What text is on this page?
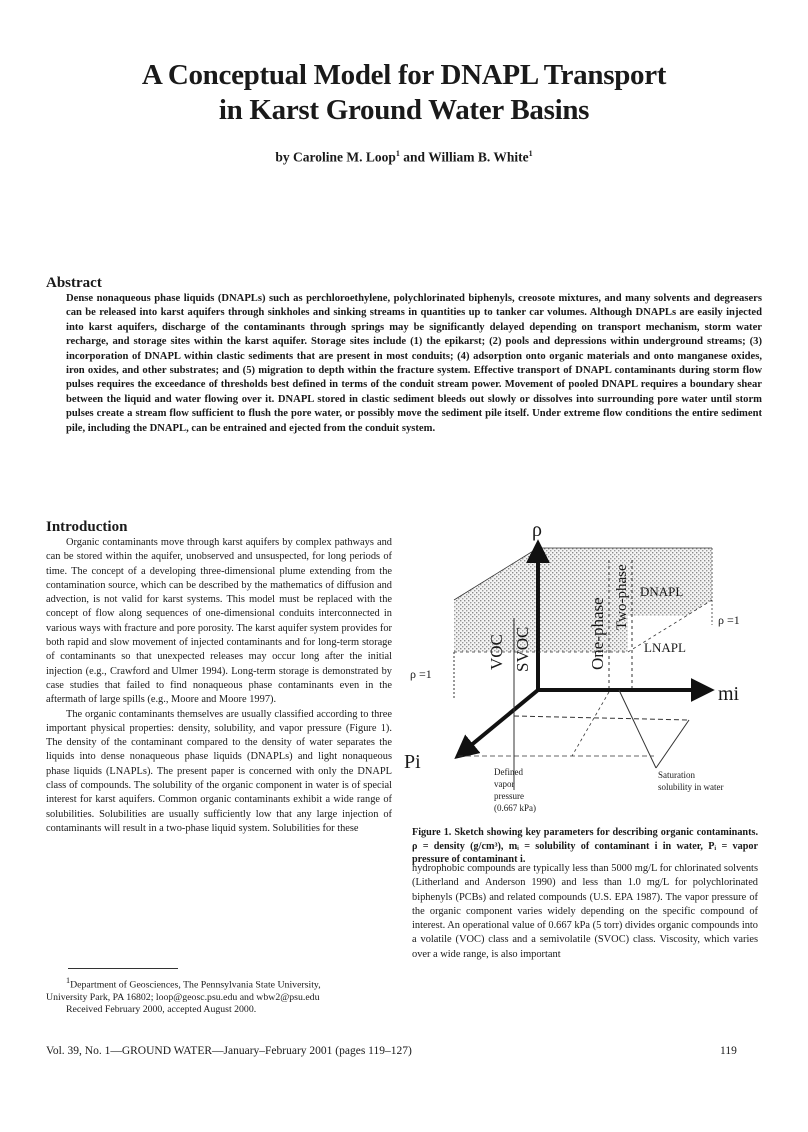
A Conceptual Model for DNAPL Transport
in Karst Ground Water Basins
by Caroline M. Loop$^1$ and William B. White$^1$
Abstract
Dense nonaqueous phase liquids (DNAPLs) such as perchloroethylene, polychlorinated biphenyls, creosote mixtures, and many solvents and degreasers can be released into karst aquifers through sinkholes and sinking streams in quantities up to tanker car volumes. Although DNAPLs are easily injected into karst aquifers, discharge of the contaminants through springs may be significantly delayed depending on transport mechanism, storm water recharge, and storage sites within the karst aquifer. Storage sites include (1) the epikarst; (2) pools and depressions within underground streams; (3) incorporation of DNAPL within clastic sediments that are present in most conduits; (4) adsorption onto organic materials and onto manganese oxides, iron oxides, and other substrates; and (5) migration to depth within the fracture system. Effective transport of DNAPL contaminants during storm flow pulses requires the exceedance of thresholds best defined in terms of the conduit stream power. Movement of pooled DNAPL requires a boundary shear between the liquid and water flowing over it. DNAPL stored in clastic sediment bleeds out slowly or dissolves into surrounding pore water until storm pulses create a stream flow sufficient to flush the pore water, or possibly move the sediment pile itself. Under extreme flow conditions the entire sediment pile, including the DNAPL, can be entrained and ejected from the conduit system.
Introduction

Organic contaminants move through karst aquifers by complex pathways and can be stored within the aquifer, unobserved and unsuspected, for long periods of time. The concept of a developing three-dimensional plume extending from the contamination source, which can be described by the mathematics of diffusion and advection, is not valid for karst systems. This model must be replaced with the concept of flow along sequences of one-dimensional conduits interconnected in various ways with fracture and pore porosity. The karst aquifer system provides for both rapid and slow movement of injected contaminants and for long-term storage of contaminants so that unexpected releases may occur long after the initial injection (e.g., Crawford and Ulmer 1994). Long-term storage is demonstrated by case studies that failed to find nonaqueous phase contaminants even in the aftermath of large spills (e.g., Moore and Moore 1997).

The organic contaminants themselves are usually classified according to three important physical properties: density, solubility, and vapor pressure (Figure 1). The density of the contaminant compared to the density of water separates the liquids into dense nonaqueous phase liquids (DNAPLs) and light nonaqueous phase liquids (LNAPLs). The present paper is concerned with only the DNAPL class of compounds. The solubility of the organic component in water is of special interest for karst aquifers. Common organic contaminants exhibit a wide range of solubilities. Solubilities are usually sufficiently low that any large injection of contaminants will result in a two-phase liquid system. Solubilities for these

$^1$Department of Geosciences, The Pennsylvania State University,
University Park, PA 16802; loop@geosc.psu.edu and wbw2@psu.edu
Received February 2000, accepted August 2000.
ρ
mi
Pi
ρ =1
ρ =1
DNAPL
LNAPL
VOC SVOC	One-phase
Two-phase
Defined vapor pressure (0.667 kPa)
Saturation solubility in water
Figure 1. Sketch showing key parameters for describing organic contaminants. ρ = density (g/cm³), mᵢ = solubility of contaminant i in water, Pᵢ = vapor pressure of contaminant i.
hydrophobic compounds are typically less than 5000 mg/L for chlorinated solvents (Litherland and Anderson 1990) and less than 1.0 mg/L for polychlorinated biphenyls (PCBs) and related compounds (U.S. EPA 1987). The vapor pressure of the organic component varies widely depending on the specific compound of interest. An operational value of 0.667 kPa (5 torr) divides organic compounds into a volatile (VOC) class and a semivolatile (SVOC) class. Viscosity, which varies over a wide range, is also important
Vol. 39, No. 1—GROUND WATER—January–February 2001 (pages 119–127)	119
